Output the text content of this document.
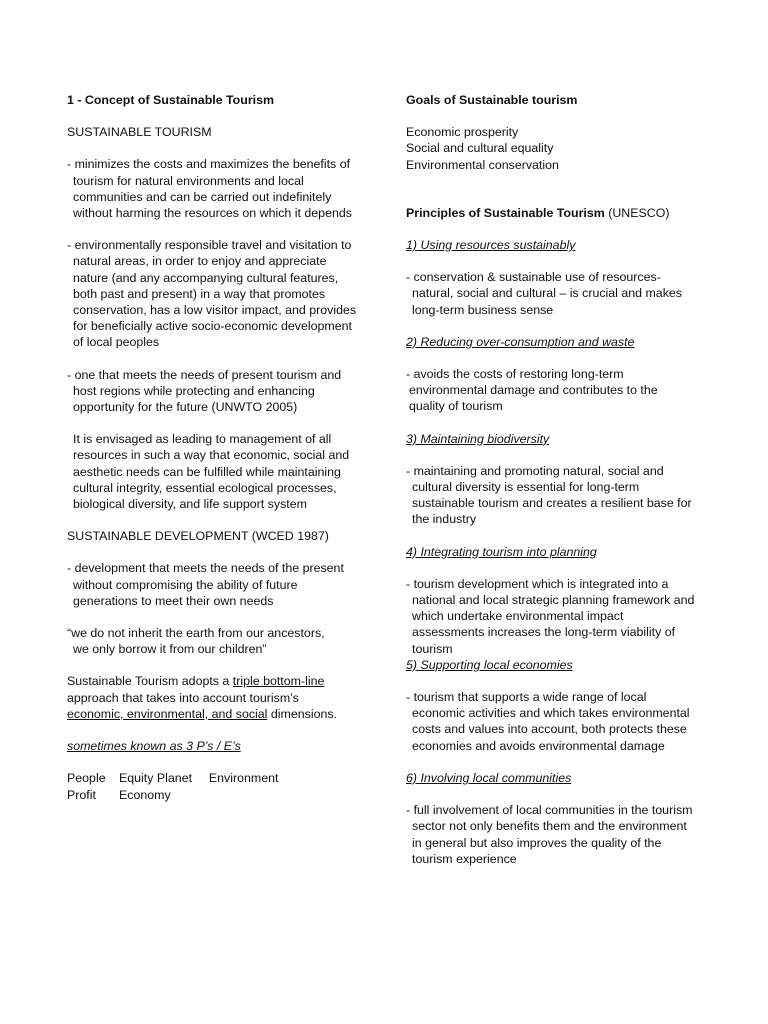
1 - Concept of Sustainable Tourism
SUSTAINABLE TOURISM
- minimizes the costs and maximizes the benefits of
tourism for natural environments and local
communities and can be carried out indefinitely
without harming the resources on which it depends
- environmentally responsible travel and visitation to
natural areas, in order to enjoy and appreciate
nature (and any accompanying cultural features,
both past and present) in a way that promotes
conservation, has a low visitor impact, and provides
for beneficially active socio-economic development
of local peoples
- one that meets the needs of present tourism and
host regions while protecting and enhancing
opportunity for the future (UNWTO 2005)
It is envisaged as leading to management of all
resources in such a way that economic, social and
aesthetic needs can be fulfilled while maintaining
cultural integrity, essential ecological processes,
biological diversity, and life support system
SUSTAINABLE DEVELOPMENT (WCED 1987)
- development that meets the needs of the present
without compromising the ability of future
generations to meet their own needs
“we do not inherit the earth from our ancestors,
we only borrow it from our children”
Sustainable Tourism adopts a triple bottom-line
approach that takes into account tourism’s
economic, environmental, and social dimensions.
sometimes known as 3 P’s / E’s
People Equity Planet Environment Profit Economy
Goals of Sustainable tourism
Economic prosperity
Social and cultural equality
Environmental conservation
Principles of Sustainable Tourism (UNESCO)
1) Using resources sustainably
- conservation & sustainable use of resources-
natural, social and cultural – is crucial and makes
long-term business sense
2) Reducing over-consumption and waste
- avoids the costs of restoring long-term
environmental damage and contributes to the
quality of tourism
3) Maintaining biodiversity
- maintaining and promoting natural, social and
cultural diversity is essential for long-term
sustainable tourism and creates a resilient base for
the industry
4) Integrating tourism into planning
- tourism development which is integrated into a
national and local strategic planning framework and
which undertake environmental impact
assessments increases the long-term viability of
tourism
5) Supporting local economies
- tourism that supports a wide range of local
economic activities and which takes environmental
costs and values into account, both protects these
economies and avoids environmental damage
6) Involving local communities
- full involvement of local communities in the tourism
sector not only benefits them and the environment
in general but also improves the quality of the
tourism experience
